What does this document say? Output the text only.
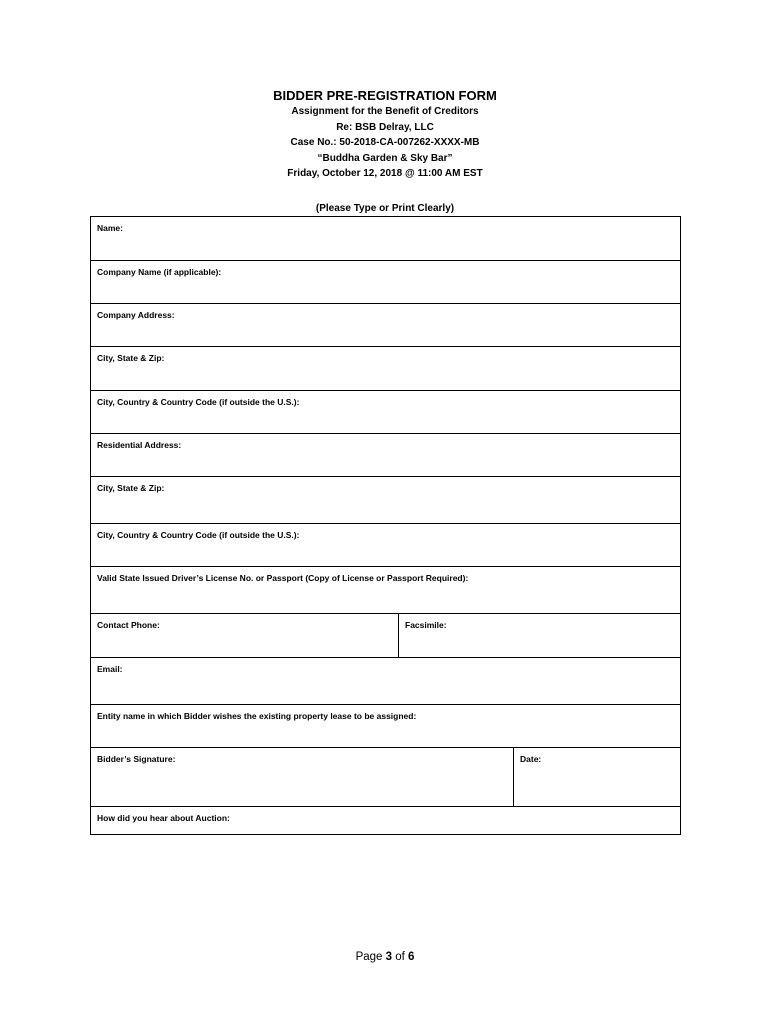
BIDDER PRE-REGISTRATION FORM
Assignment for the Benefit of Creditors
Re: BSB Delray, LLC
Case No.: 50-2018-CA-007262-XXXX-MB
“Buddha Garden & Sky Bar”
Friday, October 12, 2018 @ 11:00 AM EST
(Please Type or Print Clearly)
Name:
Company Name (if applicable):
Company Address:
City, State & Zip:
City, Country & Country Code (if outside the U.S.):
Residential Address:
City, State & Zip:
City, Country & Country Code (if outside the U.S.):
Valid State Issued Driver’s License No. or Passport (Copy of License or Passport Required):
Contact Phone:	Facsimile:
Email:
Entity name in which Bidder wishes the existing property lease to be assigned:
Bidder’s Signature:	Date:
How did you hear about Auction:
Page 3 of 6
